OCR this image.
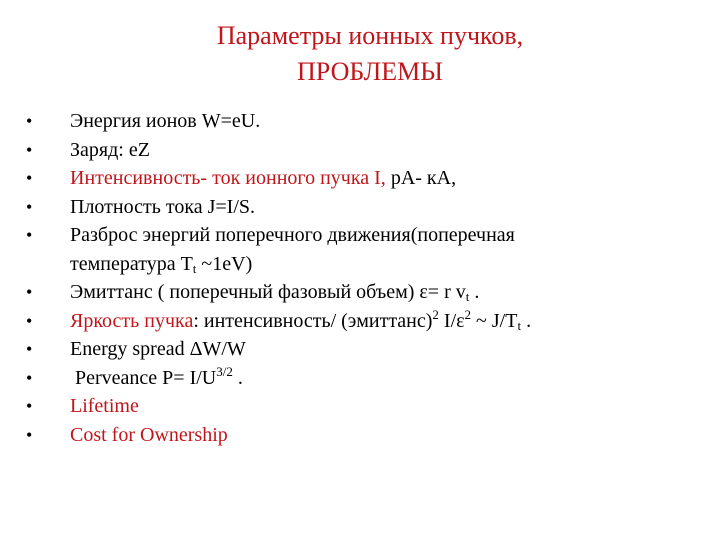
Параметры ионных пучков,
ПРОБЛЕМЫ
• Энергия ионов W=eU.
• Заряд: eZ
• Интенсивность- ток ионного пучка I, pA- кA,
• Плотность тока J=I/S.
• Разброс энергий поперечного движения(поперечная
температура $T_t$ ~1eV)
• Эмиттанс ( поперечный фазовый объем) ε= r $v_t$ .
• Яркость пучка: интенсивность/ (эмиттанс)$^2$ $I/\varepsilon^2$ ~ $J/T_t$ .
• Energy spread ΔW/W
• Perveance $P= I/U^{3/2}$ .
• Lifetime
• Cost for Ownership
